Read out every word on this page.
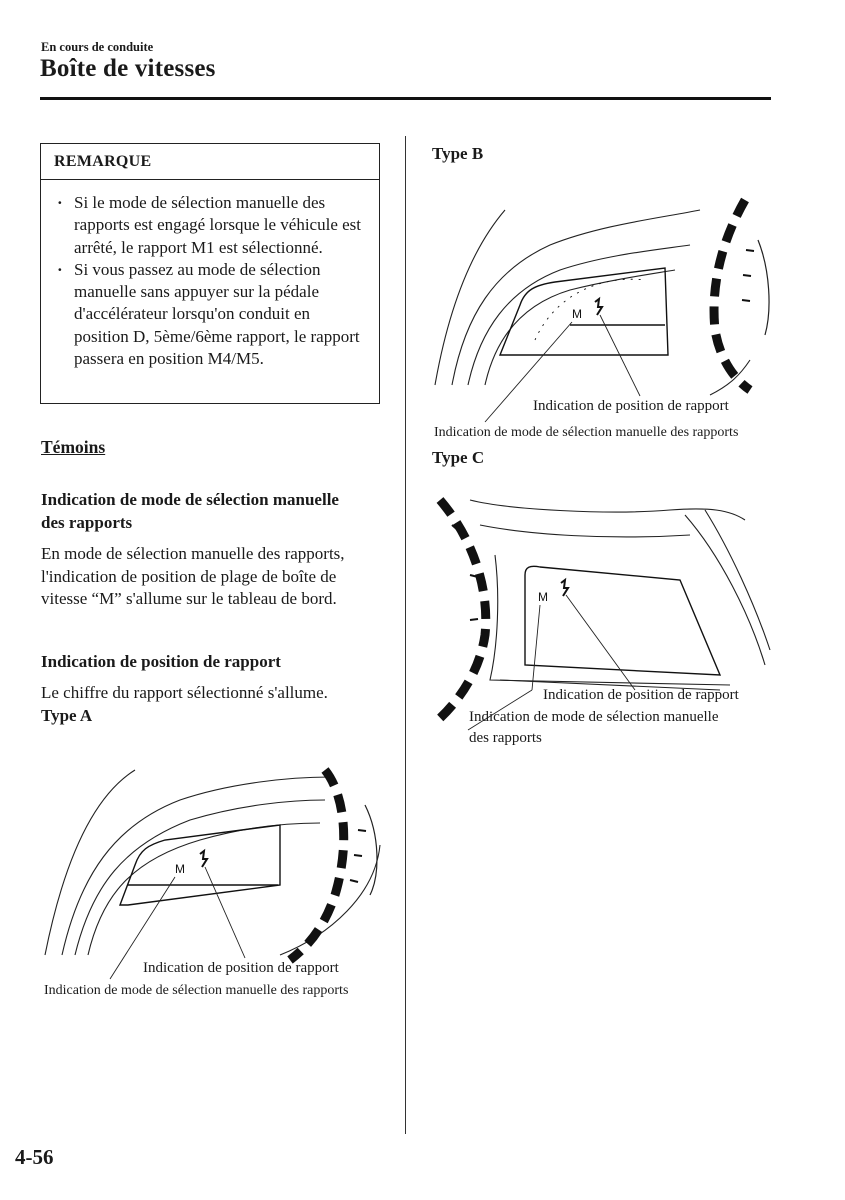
En cours de conduite
Boîte de vitesses
REMARQUE
· Si le mode de sélection manuelle des rapports est engagé lorsque le véhicule est arrêté, le rapport M1 est sélectionné.
· Si vous passez au mode de sélection manuelle sans appuyer sur la pédale d'accélérateur lorsqu'on conduit en position D, 5ème/6ème rapport, le rapport passera en position M4/M5.
Témoins
Indication de mode de sélection manuelle des rapports
En mode de sélection manuelle des rapports, l'indication de position de plage de boîte de vitesse “M” s'allume sur le tableau de bord.
Indication de position de rapport
Le chiffre du rapport sélectionné s'allume.
Type A
M
Indication de position de rapport
Indication de mode de sélection manuelle des rapports
Type B
M
Indication de position de rapport
Indication de mode de sélection manuelle des rapports
Type C
M
Indication de position de rapport
Indication de mode de sélection manuelle
des rapports
4-56
